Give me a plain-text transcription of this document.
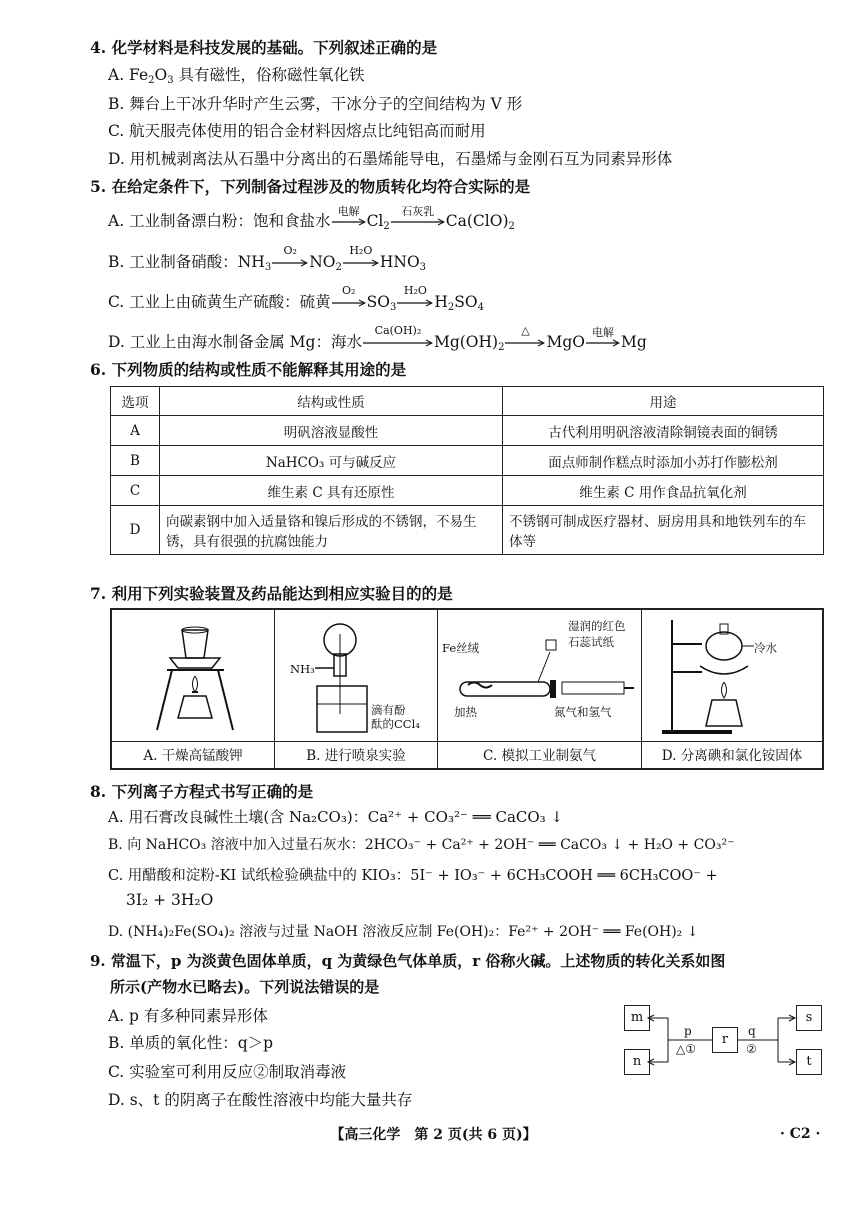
4. 化学材料是科技发展的基础。下列叙述正确的是
A. $Fe_2O_3$ 具有磁性，俗称磁性氧化铁
B. 舞台上干冰升华时产生云雾，干冰分子的空间结构为 V 形
C. 航天服壳体使用的铝合金材料因熔点比纯铝高而耐用
D. 用机械剥离法从石墨中分离出的石墨烯能导电，石墨烯与金刚石互为同素异形体
5. 在给定条件下，下列制备过程涉及的物质转化均符合实际的是
A. 工业制备漂白粉：饱和食盐水
电解
$Cl_2$
石灰乳
$Ca(ClO)_2$
B. 工业制备硝酸：$NH_3$
O₂
$NO_2$
H₂O
$HNO_3$
C. 工业上由硫黄生产硫酸：硫黄
O₂
$SO_3$
H₂O
$H_2SO_4$
D. 工业上由海水制备金属 Mg：海水
Ca(OH)₂
$Mg(OH)_2$
△
MgO
电解
Mg
6. 下列物质的结构或性质不能解释其用途的是
选项	结构或性质	用途
A	明矾溶液显酸性	古代利用明矾溶液清除铜镜表面的铜锈
B	NaHCO₃ 可与碱反应	面点师制作糕点时添加小苏打作膨松剂
C	维生素 C 具有还原性	维生素 C 用作食品抗氧化剂
D	向碳素钢中加入适量铬和镍后形成的不锈钢，不易生锈，具有很强的抗腐蚀能力	不锈钢可制成医疗器材、厨房用具和地铁列车的车体等
7. 利用下列实验装置及药品能达到相应实验目的的是
A. 干燥高锰酸钾
NH₃
滴有酚
酞的CCl₄
B. 进行喷泉实验
Fe丝绒
加热
湿润的红色
石蕊试纸
氮气和氢气
C. 模拟工业制氨气
冷水
D. 分离碘和氯化铵固体
8. 下列离子方程式书写正确的是
A. 用石膏改良碱性土壤(含 Na₂CO₃)：Ca²⁺ + CO₃²⁻ ══ CaCO₃ ↓
B. 向 NaHCO₃ 溶液中加入过量石灰水：2HCO₃⁻ + Ca²⁺ + 2OH⁻ ══ CaCO₃ ↓ + H₂O + CO₃²⁻
C. 用醋酸和淀粉-KI 试纸检验碘盐中的 KIO₃：5I⁻ + IO₃⁻ + 6CH₃COOH ══ 6CH₃COO⁻ +
3I₂ + 3H₂O
D. (NH₄)₂Fe(SO₄)₂ 溶液与过量 NaOH 溶液反应制 Fe(OH)₂：Fe²⁺ + 2OH⁻ ══ Fe(OH)₂ ↓
9. 常温下，p 为淡黄色固体单质，q 为黄绿色气体单质，r 俗称火碱。上述物质的转化关系如图
所示(产物水已略去)。下列说法错误的是
A. p 有多种同素异形体
B. 单质的氧化性：q＞p
C. 实验室可利用反应②制取消毒液
D. s、t 的阴离子在酸性溶液中均能大量共存
m
n
r
s
t
p
△①
q
②
【高三化学　第 2 页(共 6 页)】	· C2 ·
